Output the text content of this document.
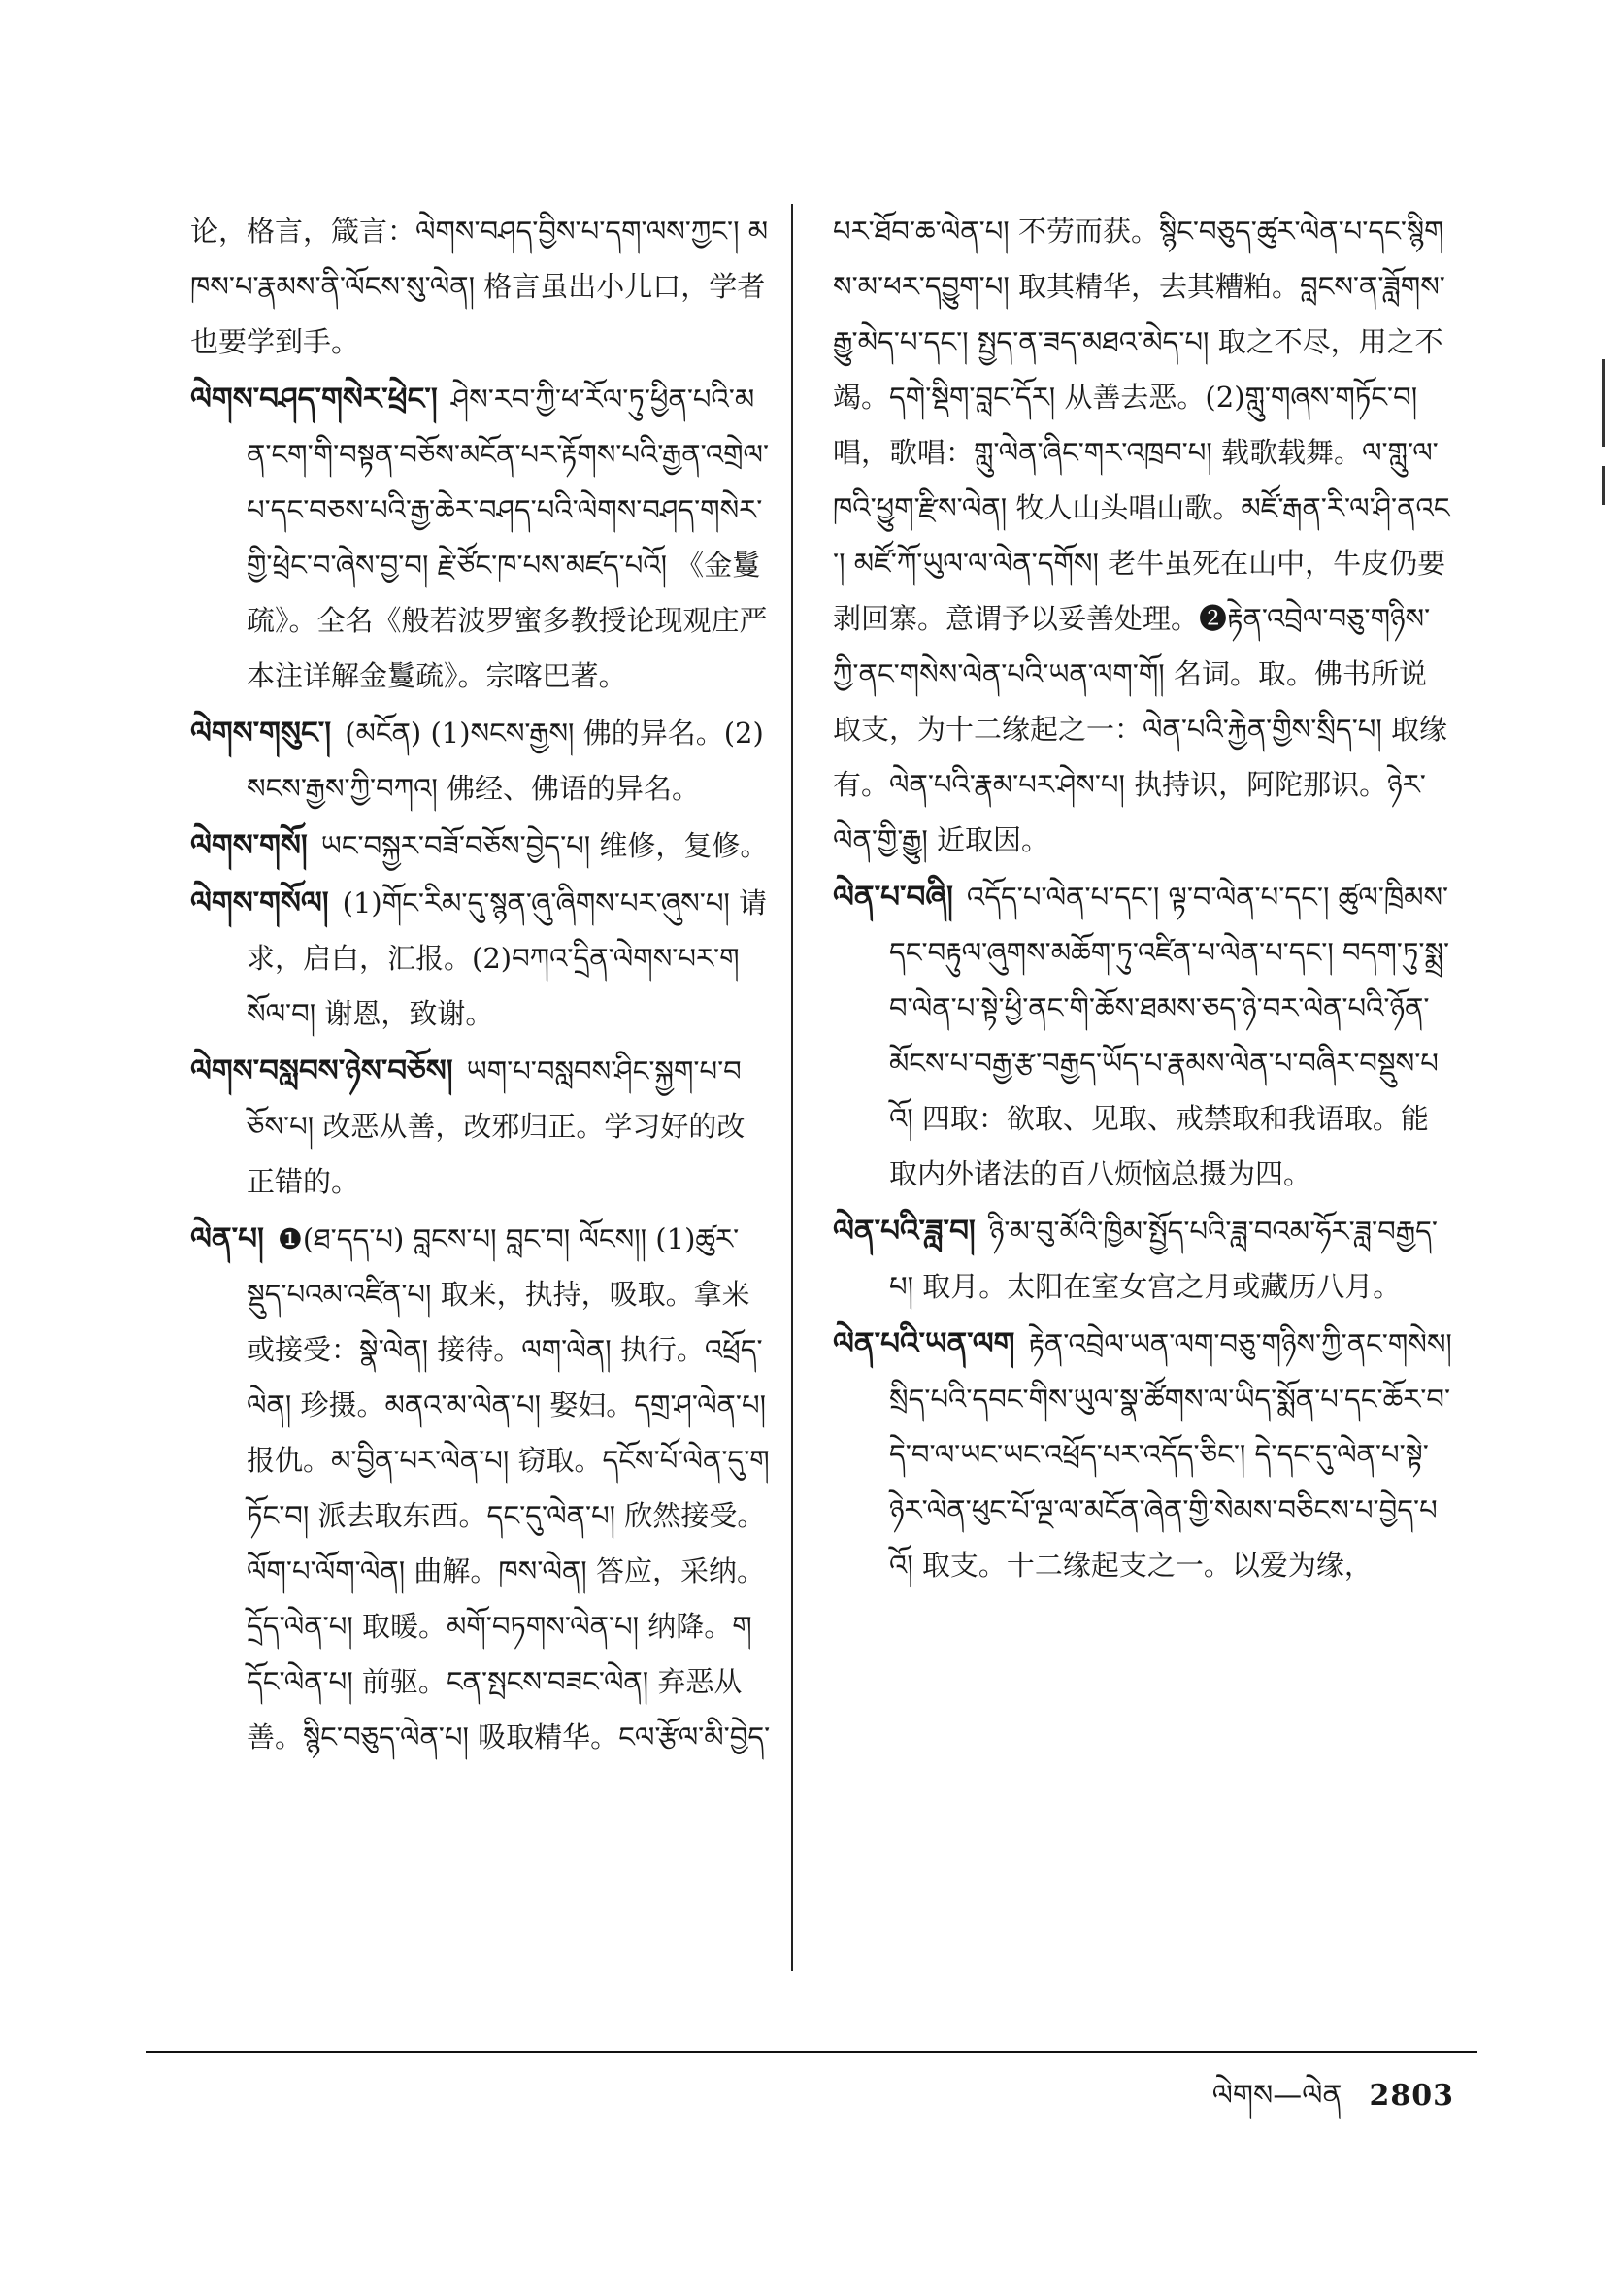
论，格言，箴言：ལེགས་བཤད་བྱིས་པ་དག་ལས་ཀྱང་། མཁས་པ་རྣམས་ནི་ལོངས་སུ་ལེན། 格言虽出小儿口，学者也要学到手。

ལེགས་བཤད་གསེར་ཕྲེང་། ཤེས་རབ་ཀྱི་ཕ་རོལ་ཏུ་ཕྱིན་པའི་མན་ངག་གི་བསྟན་བཅོས་མངོན་པར་རྟོགས་པའི་རྒྱན་འགྲེལ་པ་དང་བཅས་པའི་རྒྱ་ཆེར་བཤད་པའི་ལེགས་བཤད་གསེར་གྱི་ཕྲེང་བ་ཞེས་བྱ་བ། རྗེ་ཙོང་ཁ་པས་མཛད་པའོ། 《金鬘疏》。全名《般若波罗蜜多教授论现观庄严本注详解金鬘疏》。宗喀巴著。

ལེགས་གསུང་། (མངོན) (1)སངས་རྒྱས། 佛的异名。(2)སངས་རྒྱས་ཀྱི་བཀའ། 佛经、佛语的异名。

ལེགས་གསོ། ཡང་བསྐྱར་བཟོ་བཅོས་བྱེད་པ། 维修，复修。

ལེགས་གསོལ། (1)གོང་རིམ་དུ་སྙན་ཞུ་ཞིགས་པར་ཞུས་པ། 请求，启白，汇报。(2)བཀའ་དྲིན་ལེགས་པར་གསོལ་བ། 谢恩，致谢。

ལེགས་བསླབས་ཉེས་བཅོས། ཡག་པ་བསླབས་ཤིང་སྐྱག་པ་བཅོས་པ། 改恶从善，改邪归正。学习好的改正错的。

ལེན་པ། ❶(ཐ་དད་པ) བླངས་པ། བླང་བ། ལོངས།། (1)ཚུར་སྡུད་པའམ་འཛིན་པ། 取来，执持，吸取。拿来或接受：སྣེ་ལེན། 接待。ལག་ལེན། 执行。འཕྲོད་ལེན། 珍摄。མནའ་མ་ལེན་པ། 娶妇。དགྲ་ཤ་ལེན་པ། 报仇。མ་བྱིན་པར་ལེན་པ། 窃取。དངོས་པོ་ལེན་དུ་གཏོང་བ། 派去取东西。དང་དུ་ལེན་པ། 欣然接受。ལོག་པ་ལོག་ལེན། 曲解。ཁས་ལེན། 答应，采纳。དྲོད་ལེན་པ། 取暖。མགོ་བཏགས་ལེན་པ། 纳降。གདོང་ལེན་པ། 前驱。ངན་སྤངས་བཟང་ལེན། 弃恶从善。སྙིང་བཅུད་ལེན་པ། 吸取精华。ངལ་རྩོལ་མི་བྱེད་

པར་ཐོབ་ཆ་ལེན་པ། 不劳而获。སྙིང་བཅུད་ཚུར་ལེན་པ་དང་སྙིགས་མ་ཕར་དབྱུག་པ། 取其精华，去其糟粕。བླངས་ན་ཟློགས་རྒྱུ་མེད་པ་དང་། སྤྱད་ན་ཟད་མཐའ་མེད་པ། 取之不尽，用之不竭。དགེ་སྡིག་བླང་དོར། 从善去恶。(2)གླུ་གཞས་གཏོང་བ། 唱，歌唱：གླུ་ལེན་ཞིང་གར་འཁྲབ་པ། 载歌载舞。ལ་གླུ་ལ་ཁའི་ཕྱུག་རྫིས་ལེན། 牧人山头唱山歌。མཛོ་རྒན་རི་ལ་ཤི་ནའང་། མཛོ་ཀོ་ཡུལ་ལ་ལེན་དགོས། 老牛虽死在山中，牛皮仍要剥回寨。意谓予以妥善处理。❷རྟེན་འབྲེལ་བཅུ་གཉིས་ཀྱི་ནང་གསེས་ལེན་པའི་ཡན་ལག་གོ། 名词。取。佛书所说取支，为十二缘起之一：ལེན་པའི་རྐྱེན་གྱིས་སྲིད་པ། 取缘有。ལེན་པའི་རྣམ་པར་ཤེས་པ། 执持识，阿陀那识。ཉེར་ལེན་གྱི་རྒྱུ། 近取因。

ལེན་པ་བཞི། འདོད་པ་ལེན་པ་དང་། ལྟ་བ་ལེན་པ་དང་། ཚུལ་ཁྲིམས་དང་བརྟུལ་ཞུགས་མཆོག་ཏུ་འཛིན་པ་ལེན་པ་དང་། བདག་ཏུ་སྨྲ་བ་ལེན་པ་སྟེ་ཕྱི་ནང་གི་ཆོས་ཐམས་ཅད་ཉེ་བར་ལེན་པའི་ཉོན་མོངས་པ་བརྒྱ་རྩ་བརྒྱད་ཡོད་པ་རྣམས་ལེན་པ་བཞིར་བསྡུས་པའོ། 四取：欲取、见取、戒禁取和我语取。能取内外诸法的百八烦恼总摄为四。

ལེན་པའི་ཟླ་བ། ཉི་མ་བུ་མོའི་ཁྱིམ་སྤྱོད་པའི་ཟླ་བའམ་ཧོར་ཟླ་བརྒྱད་པ། 取月。太阳在室女宫之月或藏历八月。

ལེན་པའི་ཡན་ལག རྟེན་འབྲེལ་ཡན་ལག་བཅུ་གཉིས་ཀྱི་ནང་གསེས། སྲིད་པའི་དབང་གིས་ཡུལ་སྣ་ཚོགས་ལ་ཡིད་སྨོན་པ་དང་ཆོར་བ་དེ་བ་ལ་ཡང་ཡང་འཕྲོད་པར་འདོད་ཅིང་། དེ་དང་དུ་ལེན་པ་སྟེ་ཉེར་ལེན་ཕུང་པོ་ལྔ་ལ་མངོན་ཞེན་གྱི་སེམས་བཅིངས་པ་བྱེད་པའོ། 取支。十二缘起支之一。以爱为缘，

ལེགས—ལེན 2803
